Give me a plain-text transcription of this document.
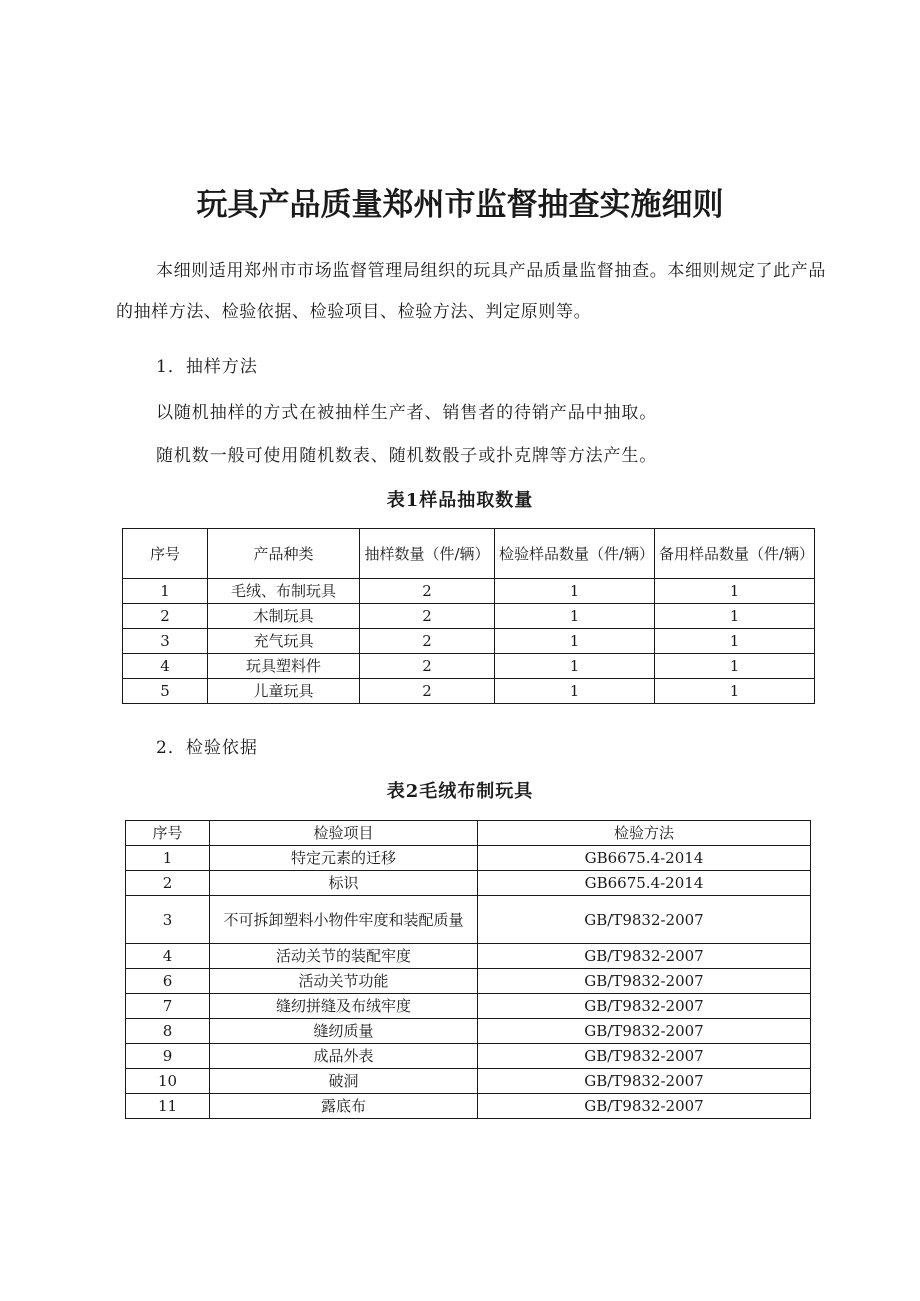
玩具产品质量郑州市监督抽查实施细则

本细则适用郑州市市场监督管理局组织的玩具产品质量监督抽查。本细则规定了此产品的抽样方法、检验依据、检验项目、检验方法、判定原则等。

1．抽样方法

以随机抽样的方式在被抽样生产者、销售者的待销产品中抽取。

随机数一般可使用随机数表、随机数骰子或扑克牌等方法产生。

表1样品抽取数量
序号	产品种类	抽样数量（件/辆）	检验样品数量（件/辆）	备用样品数量（件/辆）
1	毛绒、布制玩具	2	1	1
2	木制玩具	2	1	1
3	充气玩具	2	1	1
4	玩具塑料件	2	1	1
5	儿童玩具	2	1	1
2．检验依据
表2毛绒布制玩具
序号	检验项目	检验方法
1	特定元素的迁移	GB6675.4-2014
2	标识	GB6675.4-2014
3	不可拆卸塑料小物件牢度和装配质量	GB/T9832-2007
4	活动关节的装配牢度	GB/T9832-2007
6	活动关节功能	GB/T9832-2007
7	缝纫拼缝及布绒牢度	GB/T9832-2007
8	缝纫质量	GB/T9832-2007
9	成品外表	GB/T9832-2007
10	破洞	GB/T9832-2007
11	露底布	GB/T9832-2007
